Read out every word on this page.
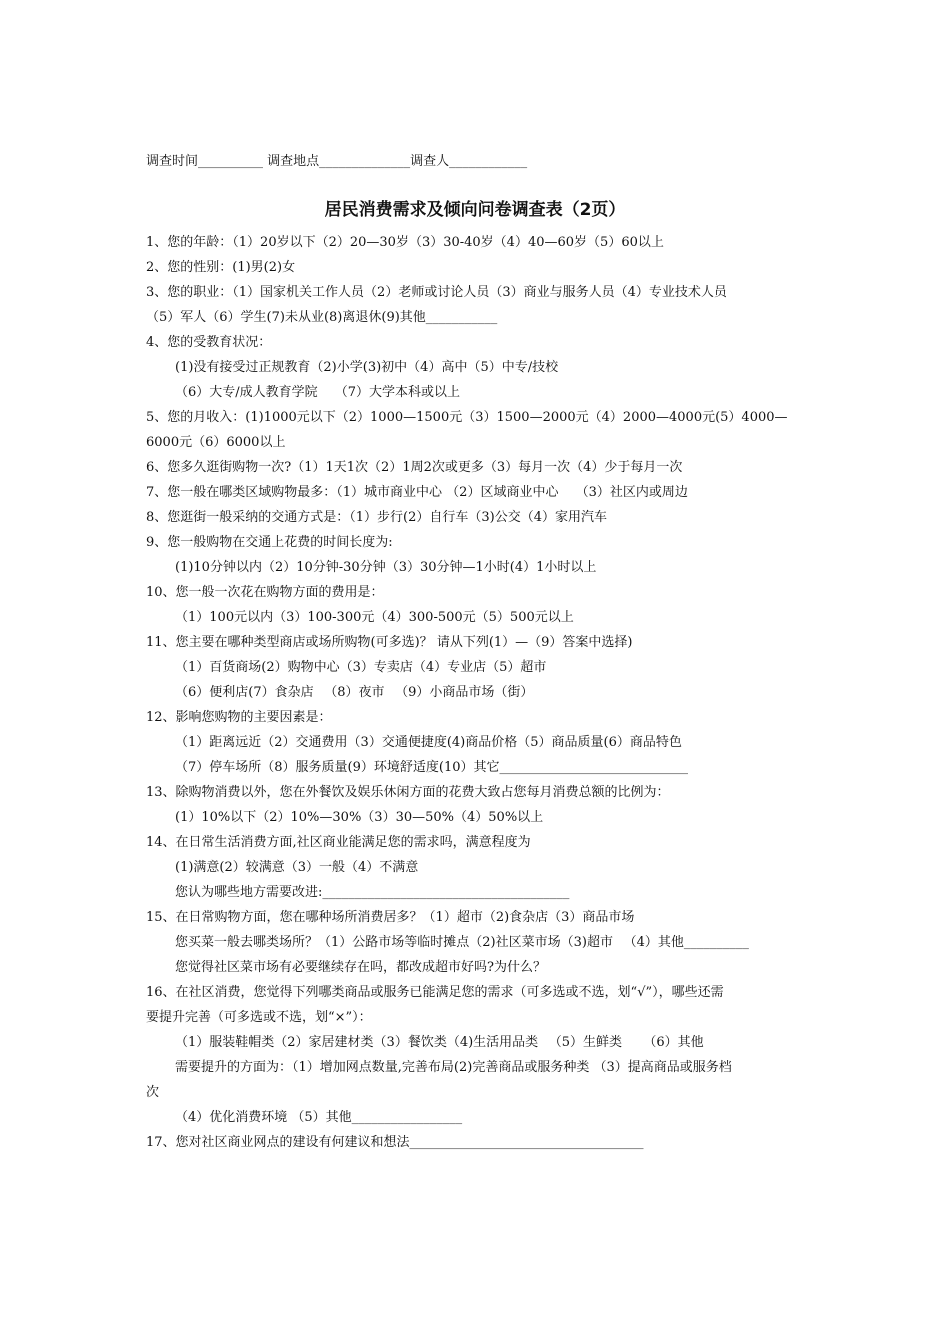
调查时间__________ 调查地点______________调查人____________
居民消费需求及倾向问卷调查表（2页）
1、您的年龄：（1）20岁以下（2）20—30岁（3）30-40岁（4）40—60岁（5）60以上
2、您的性别：(1)男(2)女
3、您的职业：（1）国家机关工作人员（2）老师或讨论人员（3）商业与服务人员（4）专业技术人员
（5）军人（6）学生(7)未从业(8)离退休(9)其他___________
4、您的受教育状况：
(1)没有接受过正规教育（2)小学(3)初中（4）高中（5）中专/技校
（6）大专/成人教育学院　 （7）大学本科或以上
5、您的月收入：(1)1000元以下（2）1000—1500元（3）1500—2000元（4）2000—4000元(5）4000—
6000元（6）6000以上
6、您多久逛街购物一次?（1）1天1次（2）1周2次或更多（3）每月一次（4）少于每月一次
7、您一般在哪类区域购物最多：（1）城市商业中心 （2）区域商业中心　 （3）社区内或周边
8、您逛街一般采纳的交通方式是：（1）步行(2）自行车（3)公交（4）家用汽车
9、您一般购物在交通上花费的时间长度为:
(1)10分钟以内（2）10分钟-30分钟（3）30分钟—1小时(4）1小时以上
10、您一般一次花在购物方面的费用是：
（1）100元以内（3）100-300元（4）300-500元（5）500元以上
11、您主要在哪种类型商店或场所购物(可多选)？ 请从下列(1）—（9）答案中选择)
（1）百货商场(2）购物中心（3）专卖店（4）专业店（5）超市
（6）便利店(7）食杂店 　（8）夜市 　（9）小商品市场（街）
12、影响您购物的主要因素是：
（1）距离远近（2）交通费用（3）交通便捷度(4)商品价格（5）商品质量(6）商品特色
（7）停车场所（8）服务质量(9）环境舒适度(10）其它_____________________________
13、除购物消费以外，您在外餐饮及娱乐休闲方面的花费大致占您每月消费总额的比例为：
(1）10%以下（2）10%—30%（3）30—50%（4）50%以上
14、在日常生活消费方面,社区商业能满足您的需求吗，满意程度为
(1)满意(2）较满意（3）一般（4）不满意
您认为哪些地方需要改进:______________________________________
15、在日常购物方面，您在哪种场所消费居多？（1）超市（2)食杂店（3）商品市场
您买菜一般去哪类场所？（1）公路市场等临时摊点（2)社区菜市场（3)超市 　（4）其他__________
您觉得社区菜市场有必要继续存在吗，都改成超市好吗?为什么？
16、在社区消费，您觉得下列哪类商品或服务已能满足您的需求（可多选或不选，划“√”），哪些还需
要提升完善（可多选或不选，划“×”）：
（1）服装鞋帽类（2）家居建材类（3）餐饮类（4)生活用品类 　（5）生鲜类 　 （6）其他
需要提升的方面为：（1）增加网点数量,完善布局(2)完善商品或服务种类 （3）提高商品或服务档
次
（4）优化消费环境 （5）其他_________________
17、您对社区商业网点的建设有何建议和想法____________________________________
